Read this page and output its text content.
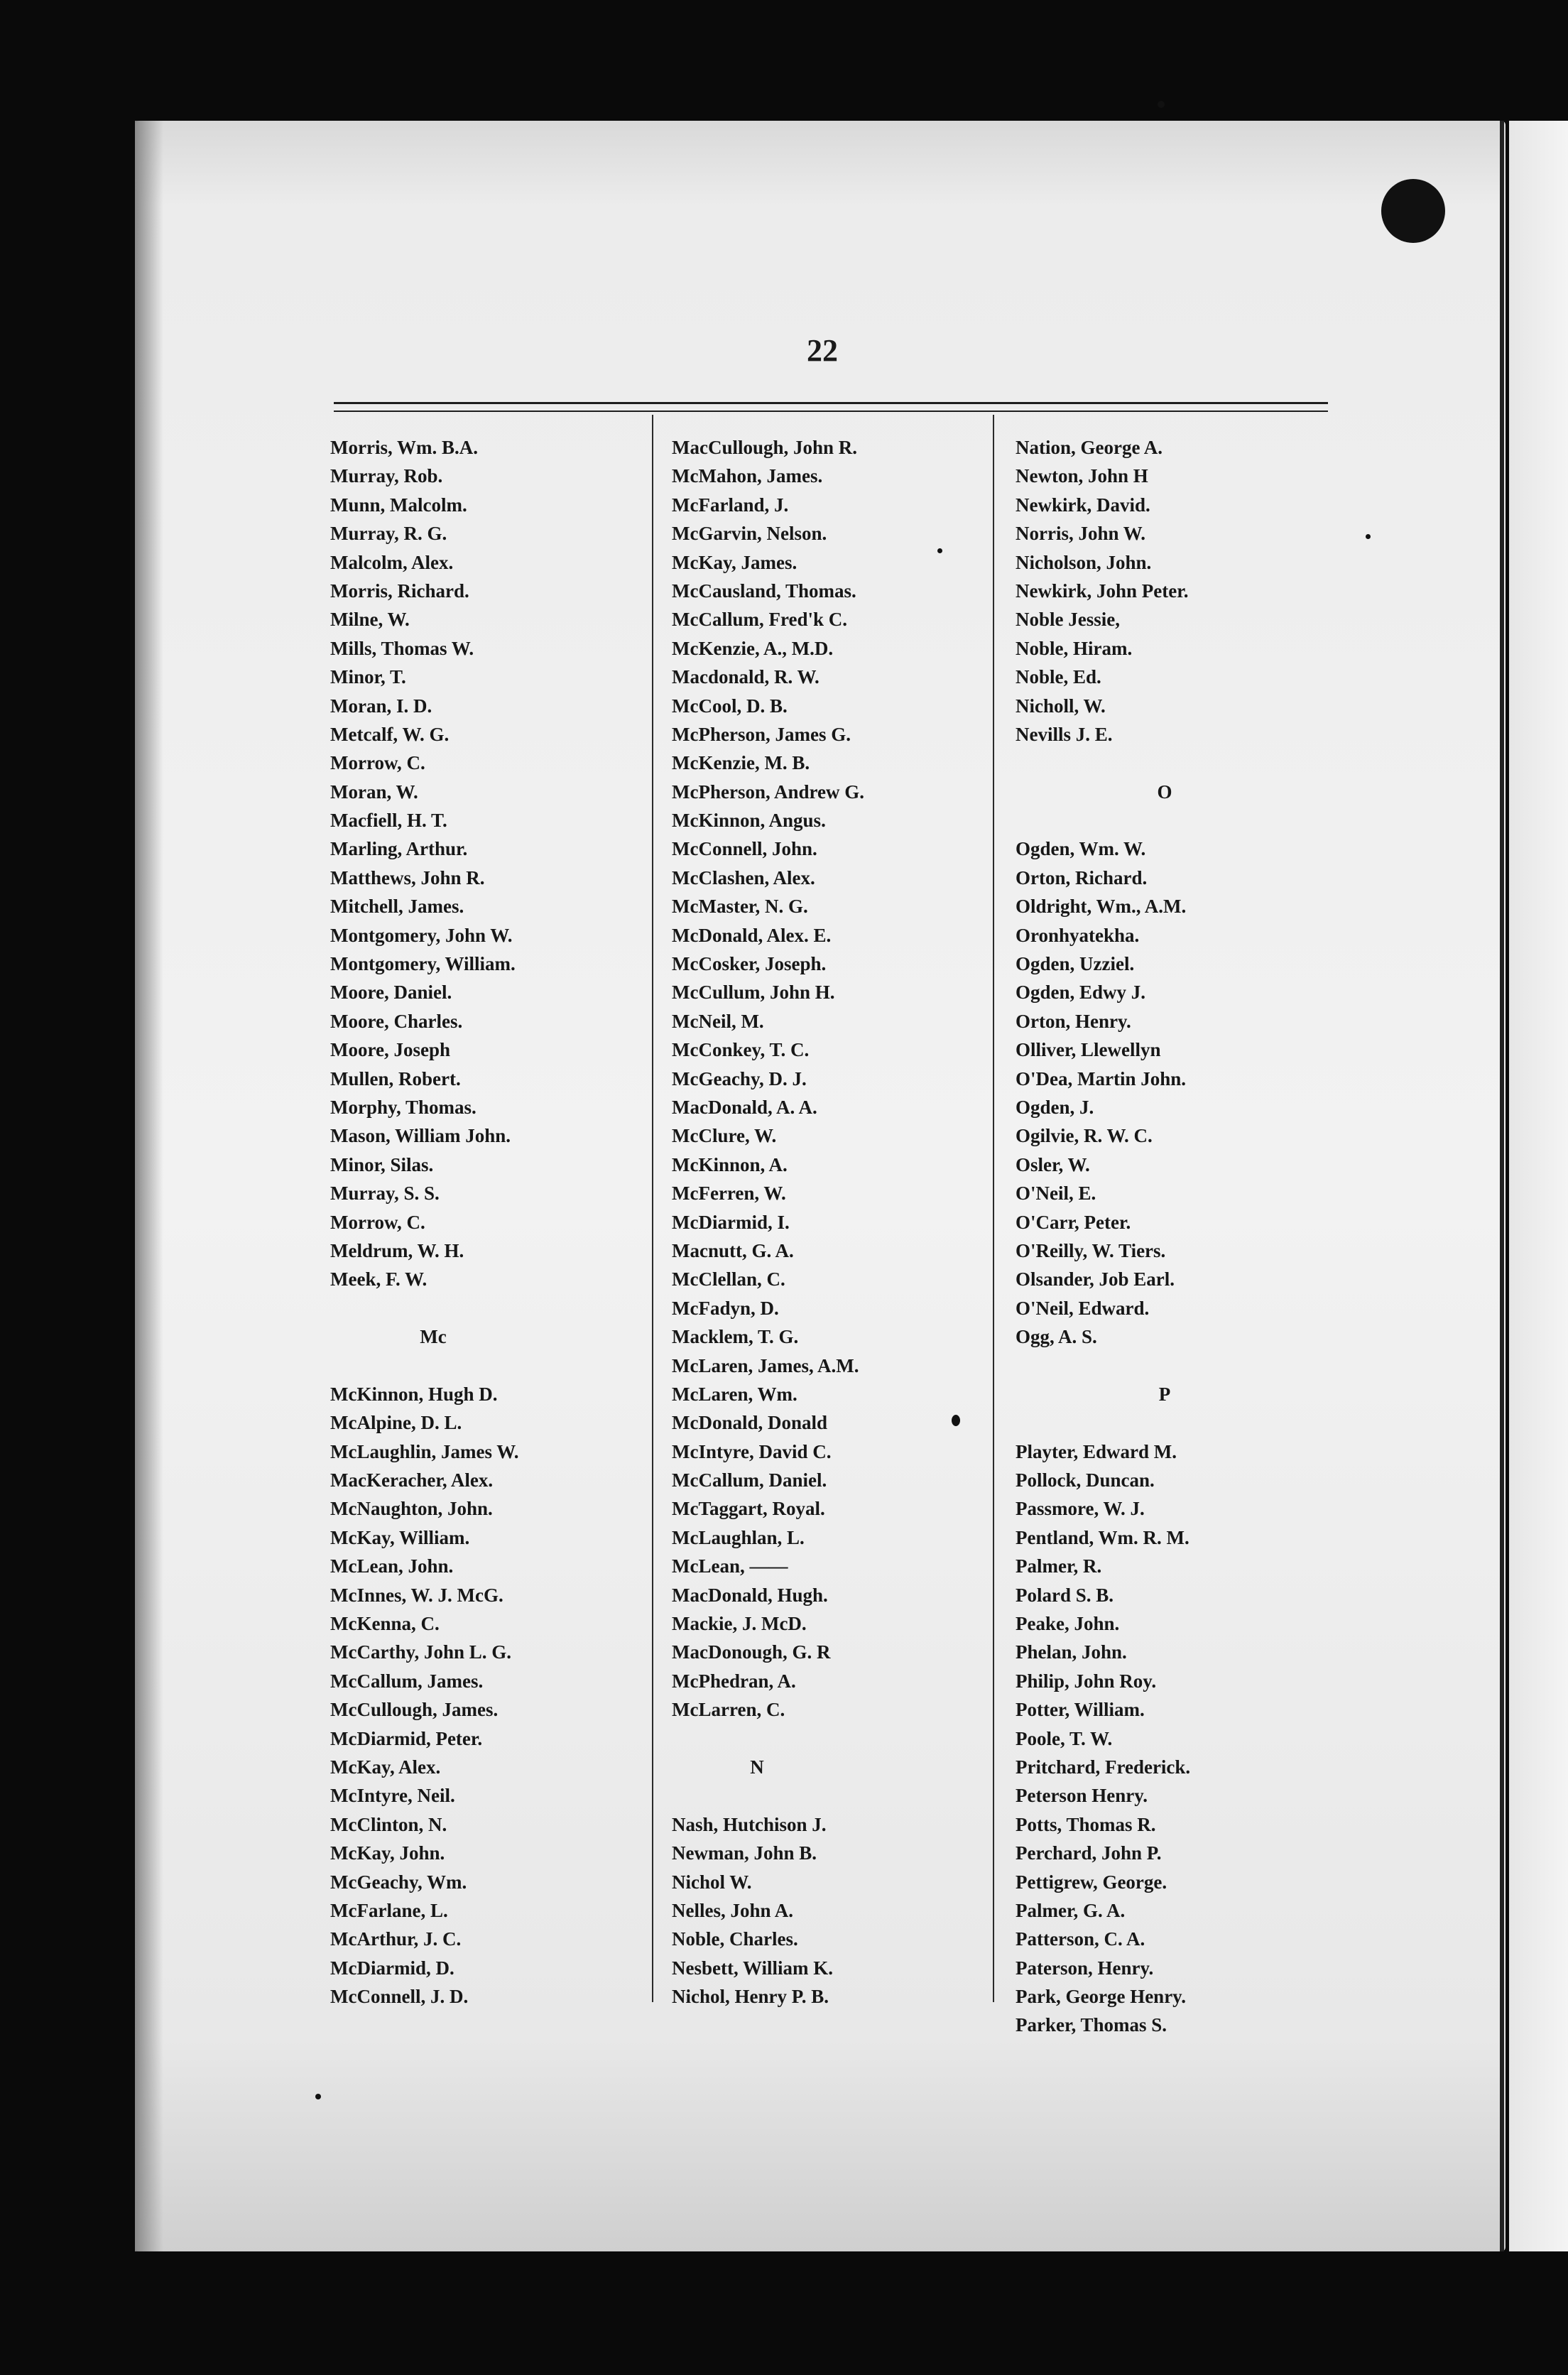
22
Morris, Wm. B.A.
Murray, Rob.
Munn, Malcolm.
Murray, R. G.
Malcolm, Alex.
Morris, Richard.
Milne, W.
Mills, Thomas W.
Minor, T.
Moran, I. D.
Metcalf, W. G.
Morrow, C.
Moran, W.
Macfiell, H. T.
Marling, Arthur.
Matthews, John R.
Mitchell, James.
Montgomery, John W.
Montgomery, William.
Moore, Daniel.
Moore, Charles.
Moore, Joseph
Mullen, Robert.
Morphy, Thomas.
Mason, William John.
Minor, Silas.
Murray, S. S.
Morrow, C.
Meldrum, W. H.
Meek, F. W.
Mc
McKinnon, Hugh D.
McAlpine, D. L.
McLaughlin, James W.
MacKeracher, Alex.
McNaughton, John.
McKay, William.
McLean, John.
McInnes, W. J. McG.
McKenna, C.
McCarthy, John L. G.
McCallum, James.
McCullough, James.
McDiarmid, Peter.
McKay, Alex.
McIntyre, Neil.
McClinton, N.
McKay, John.
McGeachy, Wm.
McFarlane, L.
McArthur, J. C.
McDiarmid, D.
McConnell, J. D.
MacCullough, John R.
McMahon, James.
McFarland, J.
McGarvin, Nelson.
McKay, James.
McCausland, Thomas.
McCallum, Fred'k C.
McKenzie, A., M.D.
Macdonald, R. W.
McCool, D. B.
McPherson, James G.
McKenzie, M. B.
McPherson, Andrew G.
McKinnon, Angus.
McConnell, John.
McClashen, Alex.
McMaster, N. G.
McDonald, Alex. E.
McCosker, Joseph.
McCullum, John H.
McNeil, M.
McConkey, T. C.
McGeachy, D. J.
MacDonald, A. A.
McClure, W.
McKinnon, A.
McFerren, W.
McDiarmid, I.
Macnutt, G. A.
McClellan, C.
McFadyn, D.
Macklem, T. G.
McLaren, James, A.M.
McLaren, Wm.
McDonald, Donald
McIntyre, David C.
McCallum, Daniel.
McTaggart, Royal.
McLaughlan, L.
McLean, ——
MacDonald, Hugh.
Mackie, J. McD.
MacDonough, G. R
McPhedran, A.
McLarren, C.
N
Nash, Hutchison J.
Newman, John B.
Nichol W.
Nelles, John A.
Noble, Charles.
Nesbett, William K.
Nichol, Henry P. B.
Nation, George A.
Newton, John H
Newkirk, David.
Norris, John W.
Nicholson, John.
Newkirk, John Peter.
Noble Jessie,
Noble, Hiram.
Noble, Ed.
Nicholl, W.
Nevills J. E.
O
Ogden, Wm. W.
Orton, Richard.
Oldright, Wm., A.M.
Oronhyatekha.
Ogden, Uzziel.
Ogden, Edwy J.
Orton, Henry.
Olliver, Llewellyn
O'Dea, Martin John.
Ogden, J.
Ogilvie, R. W. C.
Osler, W.
O'Neil, E.
O'Carr, Peter.
O'Reilly, W. Tiers.
Olsander, Job Earl.
O'Neil, Edward.
Ogg, A. S.
P
Playter, Edward M.
Pollock, Duncan.
Passmore, W. J.
Pentland, Wm. R. M.
Palmer, R.
Polard S. B.
Peake, John.
Phelan, John.
Philip, John Roy.
Potter, William.
Poole, T. W.
Pritchard, Frederick.
Peterson Henry.
Potts, Thomas R.
Perchard, John P.
Pettigrew, George.
Palmer, G. A.
Patterson, C. A.
Paterson, Henry.
Park, George Henry.
Parker, Thomas S.
